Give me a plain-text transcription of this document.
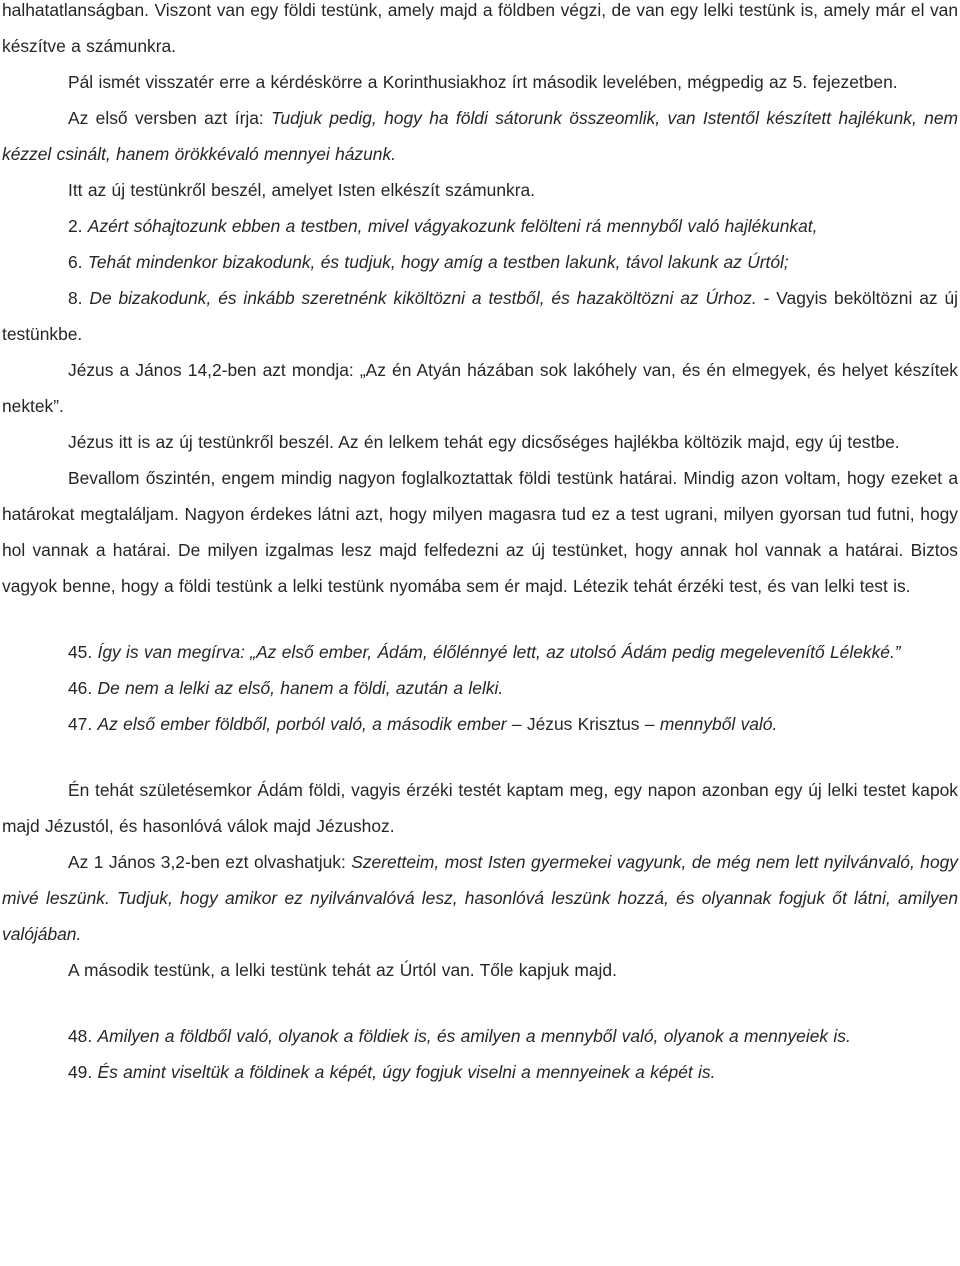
halhatatlanságban. Viszont van egy földi testünk, amely majd a földben végzi, de van egy lelki testünk is, amely már el van készítve a számunkra.

Pál ismét visszatér erre a kérdéskörre a Korinthusiakhoz írt második levelében, mégpedig az 5. fejezetben.

Az első versben azt írja: Tudjuk pedig, hogy ha földi sátorunk összeomlik, van Istentől készített hajlékunk, nem kézzel csinált, hanem örökkévaló mennyei házunk.

Itt az új testünkről beszél, amelyet Isten elkészít számunkra.

2. Azért sóhajtozunk ebben a testben, mivel vágyakozunk felölteni rá mennyből való hajlékunkat,

6. Tehát mindenkor bizakodunk, és tudjuk, hogy amíg a testben lakunk, távol lakunk az Úrtól;

8. De bizakodunk, és inkább szeretnénk kiköltözni a testből, és hazaköltözni az Úrhoz. - Vagyis beköltözni az új testünkbe.

Jézus a János 14,2-ben azt mondja: „Az én Atyán házában sok lakóhely van, és én elmegyek, és helyet készítek nektek”.

Jézus itt is az új testünkről beszél. Az én lelkem tehát egy dicsőséges hajlékba költözik majd, egy új testbe.

Bevallom őszintén, engem mindig nagyon foglalkoztattak földi testünk határai. Mindig azon voltam, hogy ezeket a határokat megtaláljam. Nagyon érdekes látni azt, hogy milyen magasra tud ez a test ugrani, milyen gyorsan tud futni, hogy hol vannak a határai. De milyen izgalmas lesz majd felfedezni az új testünket, hogy annak hol vannak a határai. Biztos vagyok benne, hogy a földi testünk a lelki testünk nyomába sem ér majd. Létezik tehát érzéki test, és van lelki test is.

45. Így is van megírva: „Az első ember, Ádám, élőlénnyé lett, az utolsó Ádám pedig megelevenítő Lélekké.”

46. De nem a lelki az első, hanem a földi, azután a lelki.

47. Az első ember földből, porból való, a második ember – Jézus Krisztus – mennyből való.

Én tehát születésemkor Ádám földi, vagyis érzéki testét kaptam meg, egy napon azonban egy új lelki testet kapok majd Jézustól, és hasonlóvá válok majd Jézushoz.

Az 1 János 3,2-ben ezt olvashatjuk: Szeretteim, most Isten gyermekei vagyunk, de még nem lett nyilvánvaló, hogy mivé leszünk. Tudjuk, hogy amikor ez nyilvánvalóvá lesz, hasonlóvá leszünk hozzá, és olyannak fogjuk őt látni, amilyen valójában.

A második testünk, a lelki testünk tehát az Úrtól van. Tőle kapjuk majd.

48. Amilyen a földből való, olyanok a földiek is, és amilyen a mennyből való, olyanok a mennyeiek is.

49. És amint viseltük a földinek a képét, úgy fogjuk viselni a mennyeinek a képét is.
